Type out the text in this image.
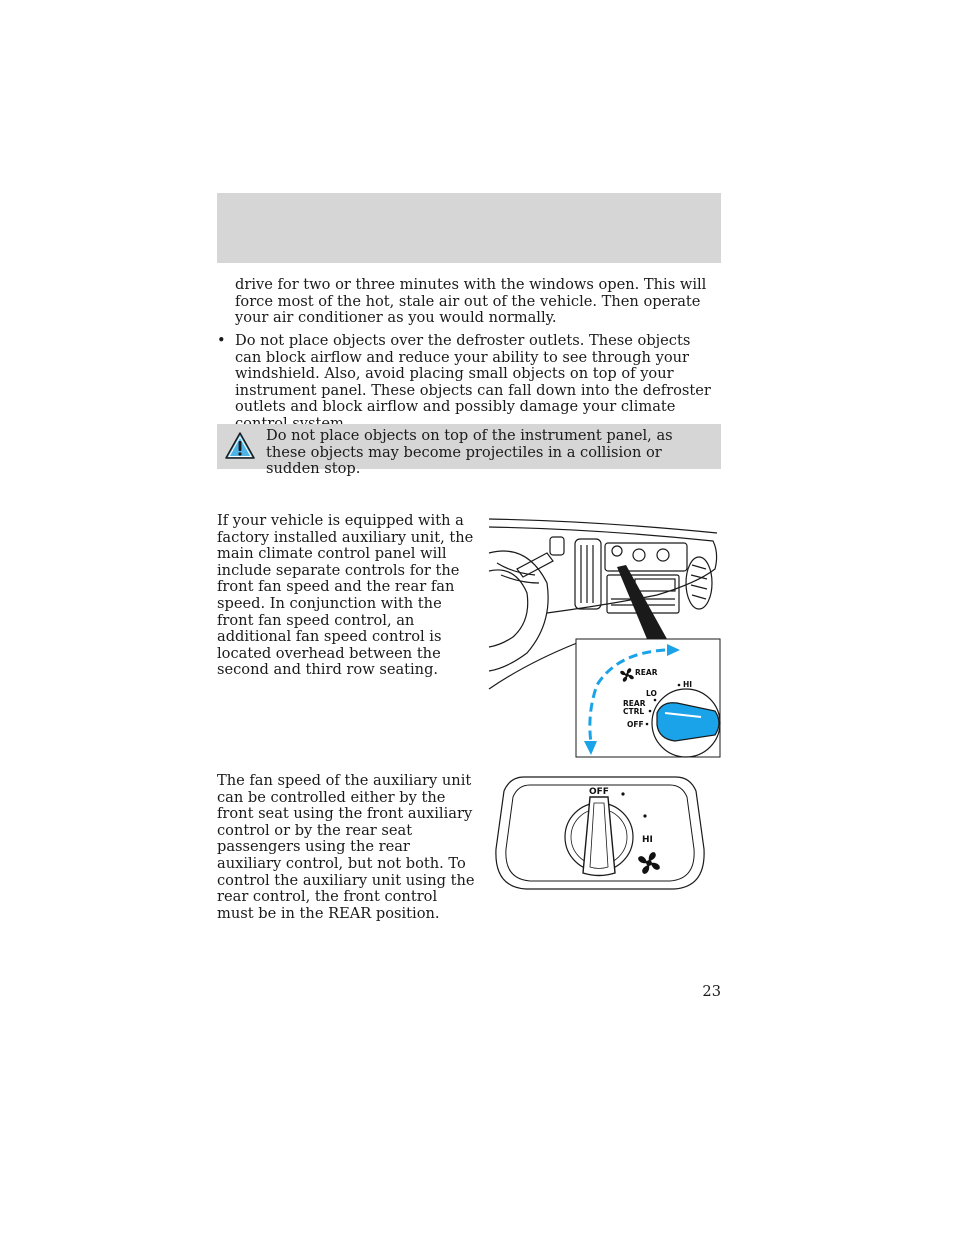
drive for two or three minutes with the windows open. This will force most of the hot, stale air out of the vehicle. Then operate your air conditioner as you would normally.

• Do not place objects over the defroster outlets. These objects can block airflow and reduce your ability to see through your windshield. Also, avoid placing small objects on top of your instrument panel. These objects can fall down into the defroster outlets and block airflow and possibly damage your climate

Do not place objects on top of the instrument panel, as these objects may become projectiles in a collision or sudden stop.

If your vehicle is equipped with a factory installed auxiliary unit, the main climate control panel will include separate controls for the front fan speed and the rear fan speed. In conjunction with the front fan speed control, an additional fan speed control is located overhead between the second and third row seating.	REAR
HI
LO
REAR
CTRL
OFF

The fan speed of the auxiliary unit can be controlled either by the front seat using the front auxiliary control or by the rear seat passengers using the rear auxiliary control, but not both. To control the auxiliary unit using the rear control, the front control must be in the REAR position.

OFF
HI
23
